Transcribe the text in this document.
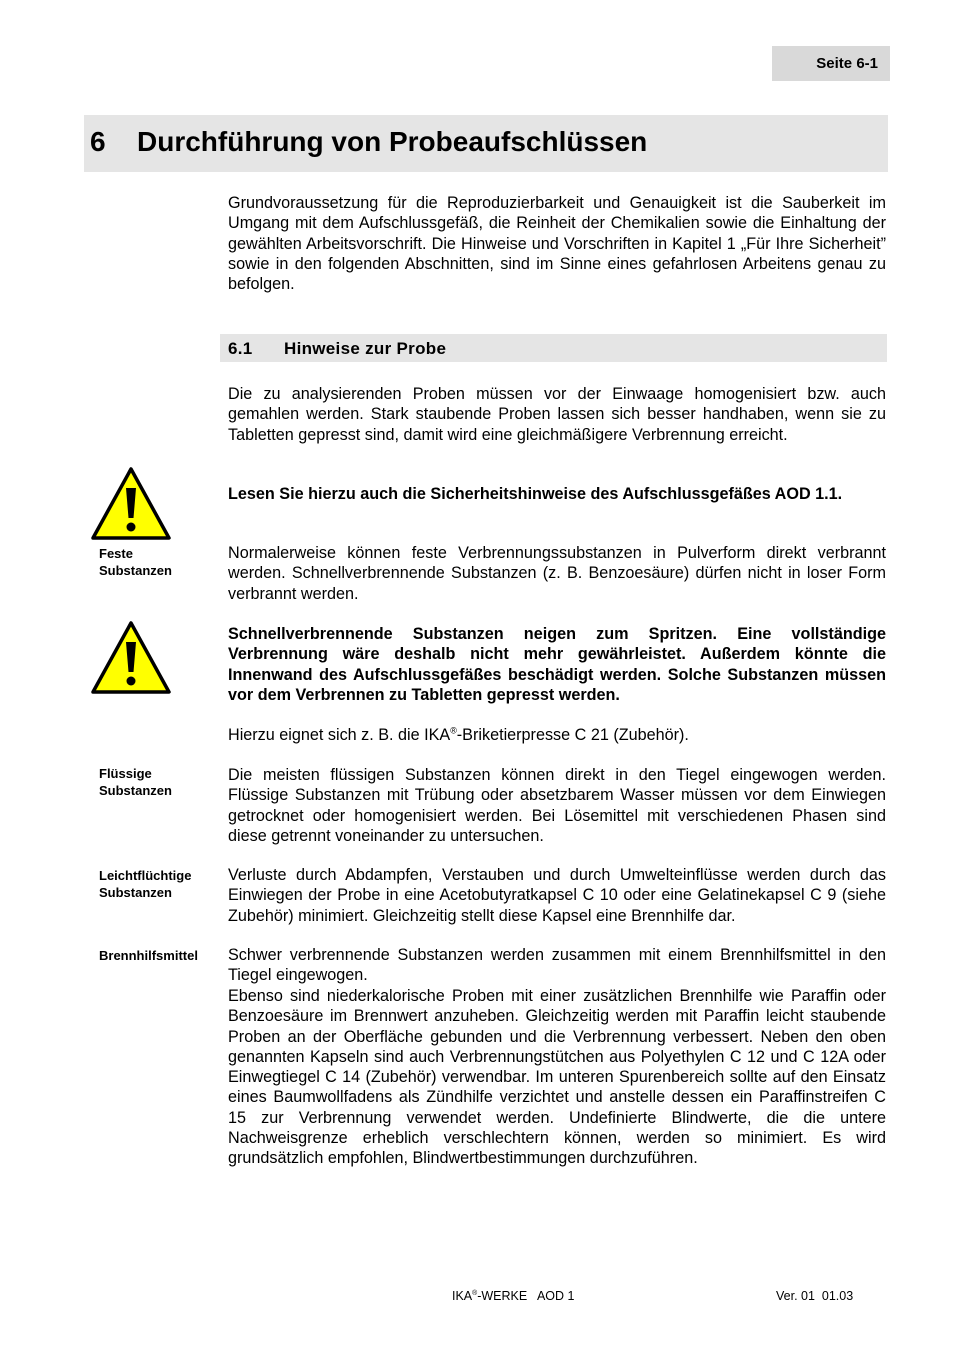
Seite 6-1
6 Durchführung von Probeaufschlüssen

Grundvoraussetzung für die Reproduzierbarkeit und Genauigkeit ist die Sauberkeit im Umgang mit dem Aufschlussgefäß, die Reinheit der Chemikalien sowie die Einhaltung der gewählten Arbeitsvorschrift. Die Hinweise und Vorschriften in Kapitel 1 „Für Ihre Sicherheit” sowie in den folgenden Abschnitten, sind im Sinne eines gefahrlosen Arbeitens genau zu befolgen.

6.1 Hinweise zur Probe

Die zu analysierenden Proben müssen vor der Einwaage homogenisiert bzw. auch gemahlen werden. Stark staubende Proben lassen sich besser handhaben, wenn sie zu Tabletten gepresst sind, damit wird eine gleichmäßigere Verbrennung erreicht.

Lesen Sie hierzu auch die Sicherheitshinweise des Aufschlussgefäßes AOD 1.1.

Feste
Substanzen

Normalerweise können feste Verbrennungssubstanzen in Pulverform direkt verbrannt werden. Schnellverbrennende Substanzen (z. B. Benzoesäure) dürfen nicht in loser Form verbrannt werden.

Schnellverbrennende Substanzen neigen zum Spritzen. Eine vollständige Verbrennung wäre deshalb nicht mehr gewährleistet. Außerdem könnte die Innenwand des Aufschlussgefäßes beschädigt werden. Solche Substanzen müssen vor dem Verbrennen zu Tabletten gepresst werden.

Hierzu eignet sich z. B. die IKA®-Briketierpresse C 21 (Zubehör).

Flüssige
Substanzen

Die meisten flüssigen Substanzen können direkt in den Tiegel eingewogen werden. Flüssige Substanzen mit Trübung oder absetzbarem Wasser müssen vor dem Einwiegen getrocknet oder homogenisiert werden. Bei Lösemittel mit verschiedenen Phasen sind diese getrennt voneinander zu untersuchen.

Leichtflüchtige
Substanzen

Verluste durch Abdampfen, Verstauben und durch Umwelteinflüsse werden durch das Einwiegen der Probe in eine Acetobutyratkapsel C 10 oder eine Gelatinekapsel C 9 (siehe Zubehör) minimiert. Gleichzeitig stellt diese Kapsel eine Brennhilfe dar.

Brennhilfsmittel Schwer verbrennende Substanzen werden zusammen mit einem Brennhilfsmittel in den Tiegel eingewogen.

Ebenso sind niederkalorische Proben mit einer zusätzlichen Brennhilfe wie Paraffin oder Benzoesäure im Brennwert anzuheben. Gleichzeitig werden mit Paraffin leicht staubende Proben an der Oberfläche gebunden und die Verbrennung verbessert. Neben den oben genannten Kapseln sind auch Verbrennungstütchen aus Polyethylen C 12 und C 12A oder Einwegtiegel C 14 (Zubehör) verwendbar. Im unteren Spurenbereich sollte auf den Einsatz eines Baumwollfadens als Zündhilfe verzichtet und anstelle dessen ein Paraffinstreifen C 15 zur Verbrennung verwendet werden. Undefinierte Blindwerte, die die untere Nachweisgrenze erheblich verschlechtern können, werden so minimiert. Es wird grundsätzlich empfohlen, Blindwertbestimmungen durchzuführen.

IKA®-WERKE   AOD 1	Ver. 01  01.03
